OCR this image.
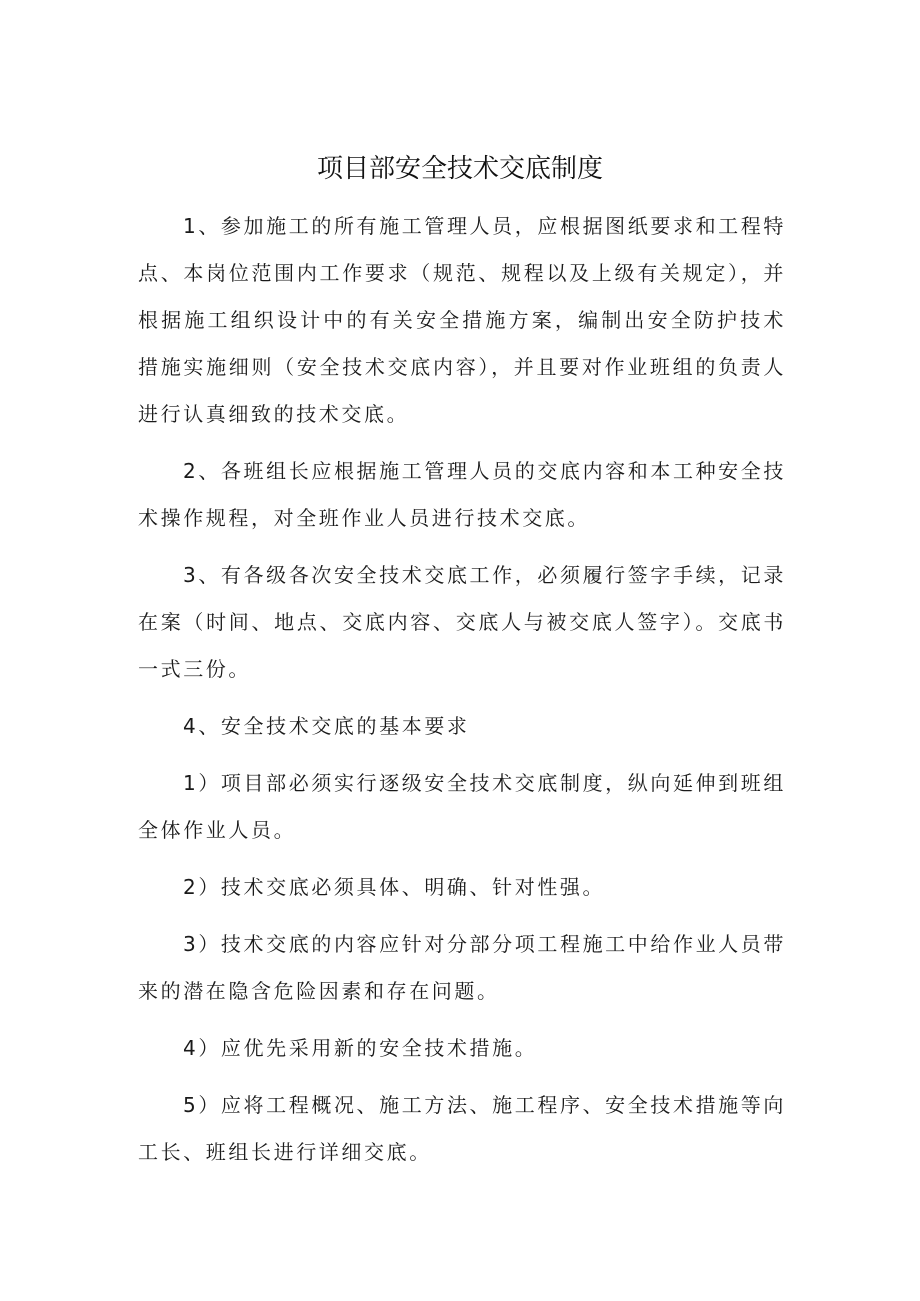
项目部安全技术交底制度

1、参加施工的所有施工管理人员，应根据图纸要求和工程特点、本岗位范围内工作要求（规范、规程以及上级有关规定），并根据施工组织设计中的有关安全措施方案，编制出安全防护技术措施实施细则（安全技术交底内容），并且要对作业班组的负责人进行认真细致的技术交底。

2、各班组长应根据施工管理人员的交底内容和本工种安全技术操作规程，对全班作业人员进行技术交底。

3、有各级各次安全技术交底工作，必须履行签字手续，记录在案（时间、地点、交底内容、交底人与被交底人签字）。交底书一式三份。

4、安全技术交底的基本要求

1）项目部必须实行逐级安全技术交底制度，纵向延伸到班组全体作业人员。

2）技术交底必须具体、明确、针对性强。

3）技术交底的内容应针对分部分项工程施工中给作业人员带来的潜在隐含危险因素和存在问题。

4）应优先采用新的安全技术措施。

5）应将工程概况、施工方法、施工程序、安全技术措施等向工长、班组长进行详细交底。
